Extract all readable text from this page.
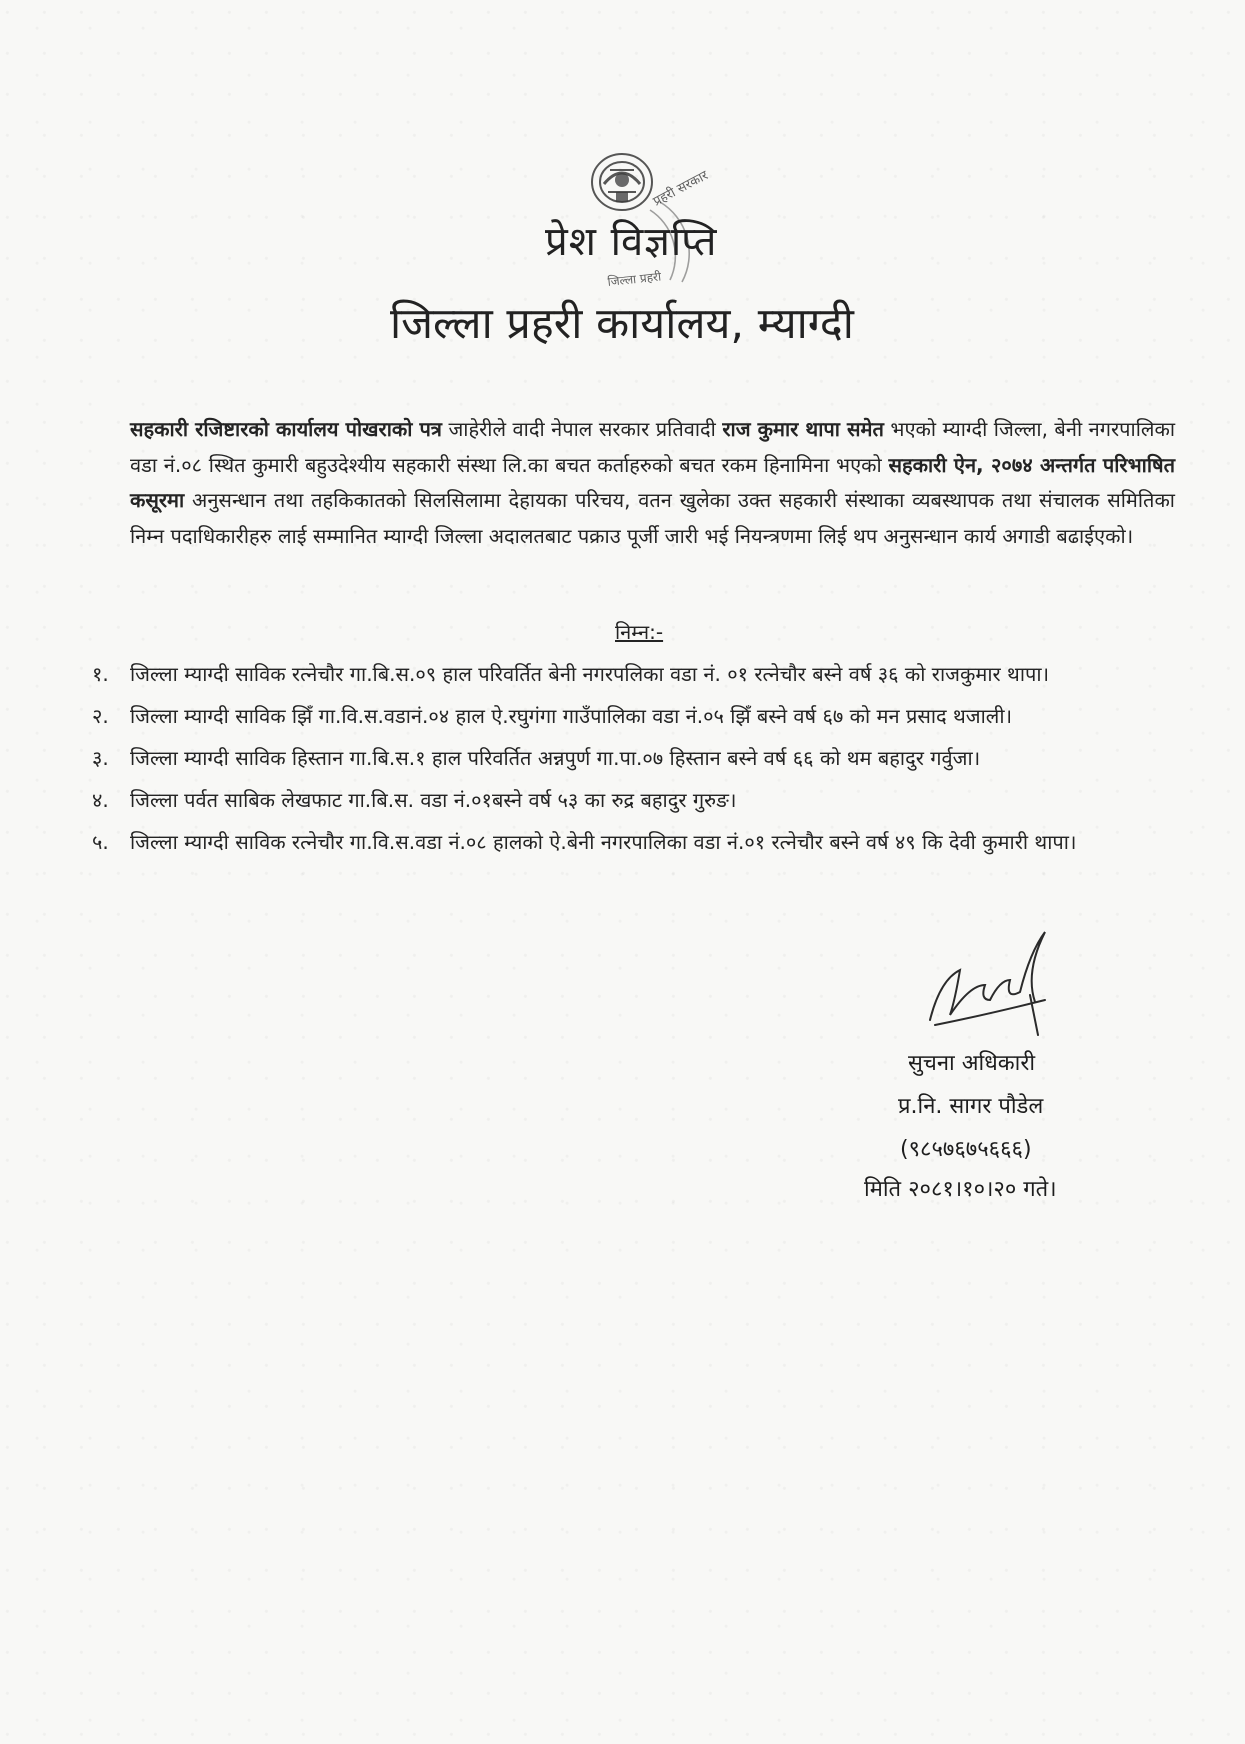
प्रहरी सरकार
जिल्ला प्रहरी
प्रेश विज्ञप्ति
जिल्ला प्रहरी कार्यालय, म्याग्दी
सहकारी रजिष्टारको कार्यालय पोखराको पत्र जाहेरीले वादी नेपाल सरकार प्रतिवादी राज कुमार थापा समेत भएको म्याग्दी जिल्ला, बेनी नगरपालिका वडा नं.०८ स्थित कुमारी बहुउदेश्यीय सहकारी संस्था लि.का बचत कर्ताहरुको बचत रकम हिनामिना भएको सहकारी ऐन, २०७४ अन्तर्गत परिभाषित कसूरमा अनुसन्धान तथा तहकिकातको सिलसिलामा देहायका परिचय, वतन खुलेका उक्त सहकारी संस्थाका व्यबस्थापक तथा संचालक समितिका निम्न पदाधिकारीहरु लाई सम्मानित म्याग्दी जिल्ला अदालतबाट पक्राउ पूर्जी जारी भई नियन्त्रणमा लिई थप अनुसन्धान कार्य अगाडी बढाईएको।
निम्न:-
१.	जिल्ला म्याग्दी साविक रत्नेचौर गा.बि.स.०९ हाल परिवर्तित बेनी नगरपलिका वडा नं. ०१ रत्नेचौर बस्ने वर्ष ३६ को राजकुमार थापा।
२.	जिल्ला म्याग्दी साविक झिँ गा.वि.स.वडानं.०४ हाल ऐ.रघुगंगा गाउँपालिका वडा नं.०५ झिँ बस्ने वर्ष ६७ को मन प्रसाद थजाली।
३.	जिल्ला म्याग्दी साविक हिस्तान गा.बि.स.१ हाल परिवर्तित अन्नपुर्ण गा.पा.०७ हिस्तान बस्ने वर्ष ६६ को थम बहादुर गर्वुजा।
४.	जिल्ला पर्वत साबिक लेखफाट गा.बि.स. वडा नं.०१बस्ने वर्ष ५३ का रुद्र बहादुर गुरुङ।
५.	जिल्ला म्याग्दी साविक रत्नेचौर गा.वि.स.वडा नं.०८ हालको ऐ.बेनी नगरपालिका वडा नं.०१ रत्नेचौर बस्ने वर्ष ४९ कि देवी कुमारी थापा।
Paudel
सुचना अधिकारी
प्र.नि. सागर पौडेल
(९८५७६७५६६६)
मिति २०८१।१०।२० गते।
